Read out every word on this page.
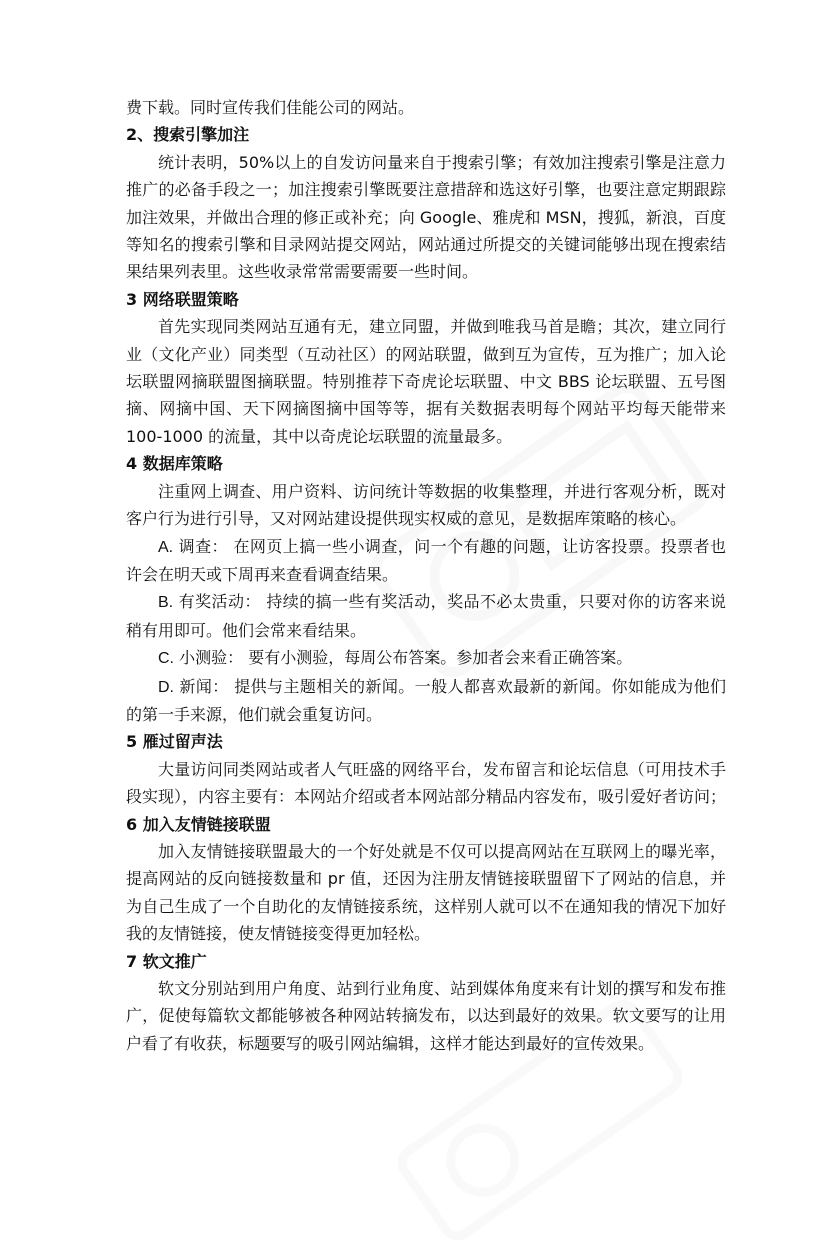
费下载。同时宣传我们佳能公司的网站。

2、搜索引擎加注

统计表明，50%以上的自发访问量来自于搜索引擎；有效加注搜索引擎是注意力推广的必备手段之一；加注搜索引擎既要注意措辞和选这好引擎，也要注意定期跟踪加注效果，并做出合理的修正或补充；向 Google、雅虎和 MSN，搜狐，新浪，百度等知名的搜索引擎和目录网站提交网站，网站通过所提交的关键词能够出现在搜索结果结果列表里。这些收录常常需要需要一些时间。

3 网络联盟策略

首先实现同类网站互通有无，建立同盟，并做到唯我马首是瞻；其次，建立同行业（文化产业）同类型（互动社区）的网站联盟，做到互为宣传，互为推广；加入论坛联盟网摘联盟图摘联盟。特别推荐下奇虎论坛联盟、中文 BBS 论坛联盟、五号图摘、网摘中国、天下网摘图摘中国等等，据有关数据表明每个网站平均每天能带来 100-1000 的流量，其中以奇虎论坛联盟的流量最多。

4 数据库策略

注重网上调查、用户资料、访问统计等数据的收集整理，并进行客观分析，既对客户行为进行引导，又对网站建设提供现实权威的意见，是数据库策略的核心。

A. 调查： 在网页上搞一些小调查，问一个有趣的问题，让访客投票。投票者也许会在明天或下周再来查看调查结果。

B. 有奖活动： 持续的搞一些有奖活动，奖品不必太贵重，只要对你的访客来说稍有用即可。他们会常来看结果。

C. 小测验： 要有小测验，每周公布答案。参加者会来看正确答案。

D. 新闻： 提供与主题相关的新闻。一般人都喜欢最新的新闻。你如能成为他们的第一手来源，他们就会重复访问。

5 雁过留声法

大量访问同类网站或者人气旺盛的网络平台，发布留言和论坛信息（可用技术手段实现），内容主要有：本网站介绍或者本网站部分精品内容发布，吸引爱好者访问；

6 加入友情链接联盟

加入友情链接联盟最大的一个好处就是不仅可以提高网站在互联网上的曝光率，提高网站的反向链接数量和 pr 值，还因为注册友情链接联盟留下了网站的信息，并为自己生成了一个自助化的友情链接系统，这样别人就可以不在通知我的情况下加好我的友情链接，使友情链接变得更加轻松。

7 软文推广

软文分别站到用户角度、站到行业角度、站到媒体角度来有计划的撰写和发布推广，促使每篇软文都能够被各种网站转摘发布，以达到最好的效果。软文要写的让用户看了有收获，标题要写的吸引网站编辑，这样才能达到最好的宣传效果。
